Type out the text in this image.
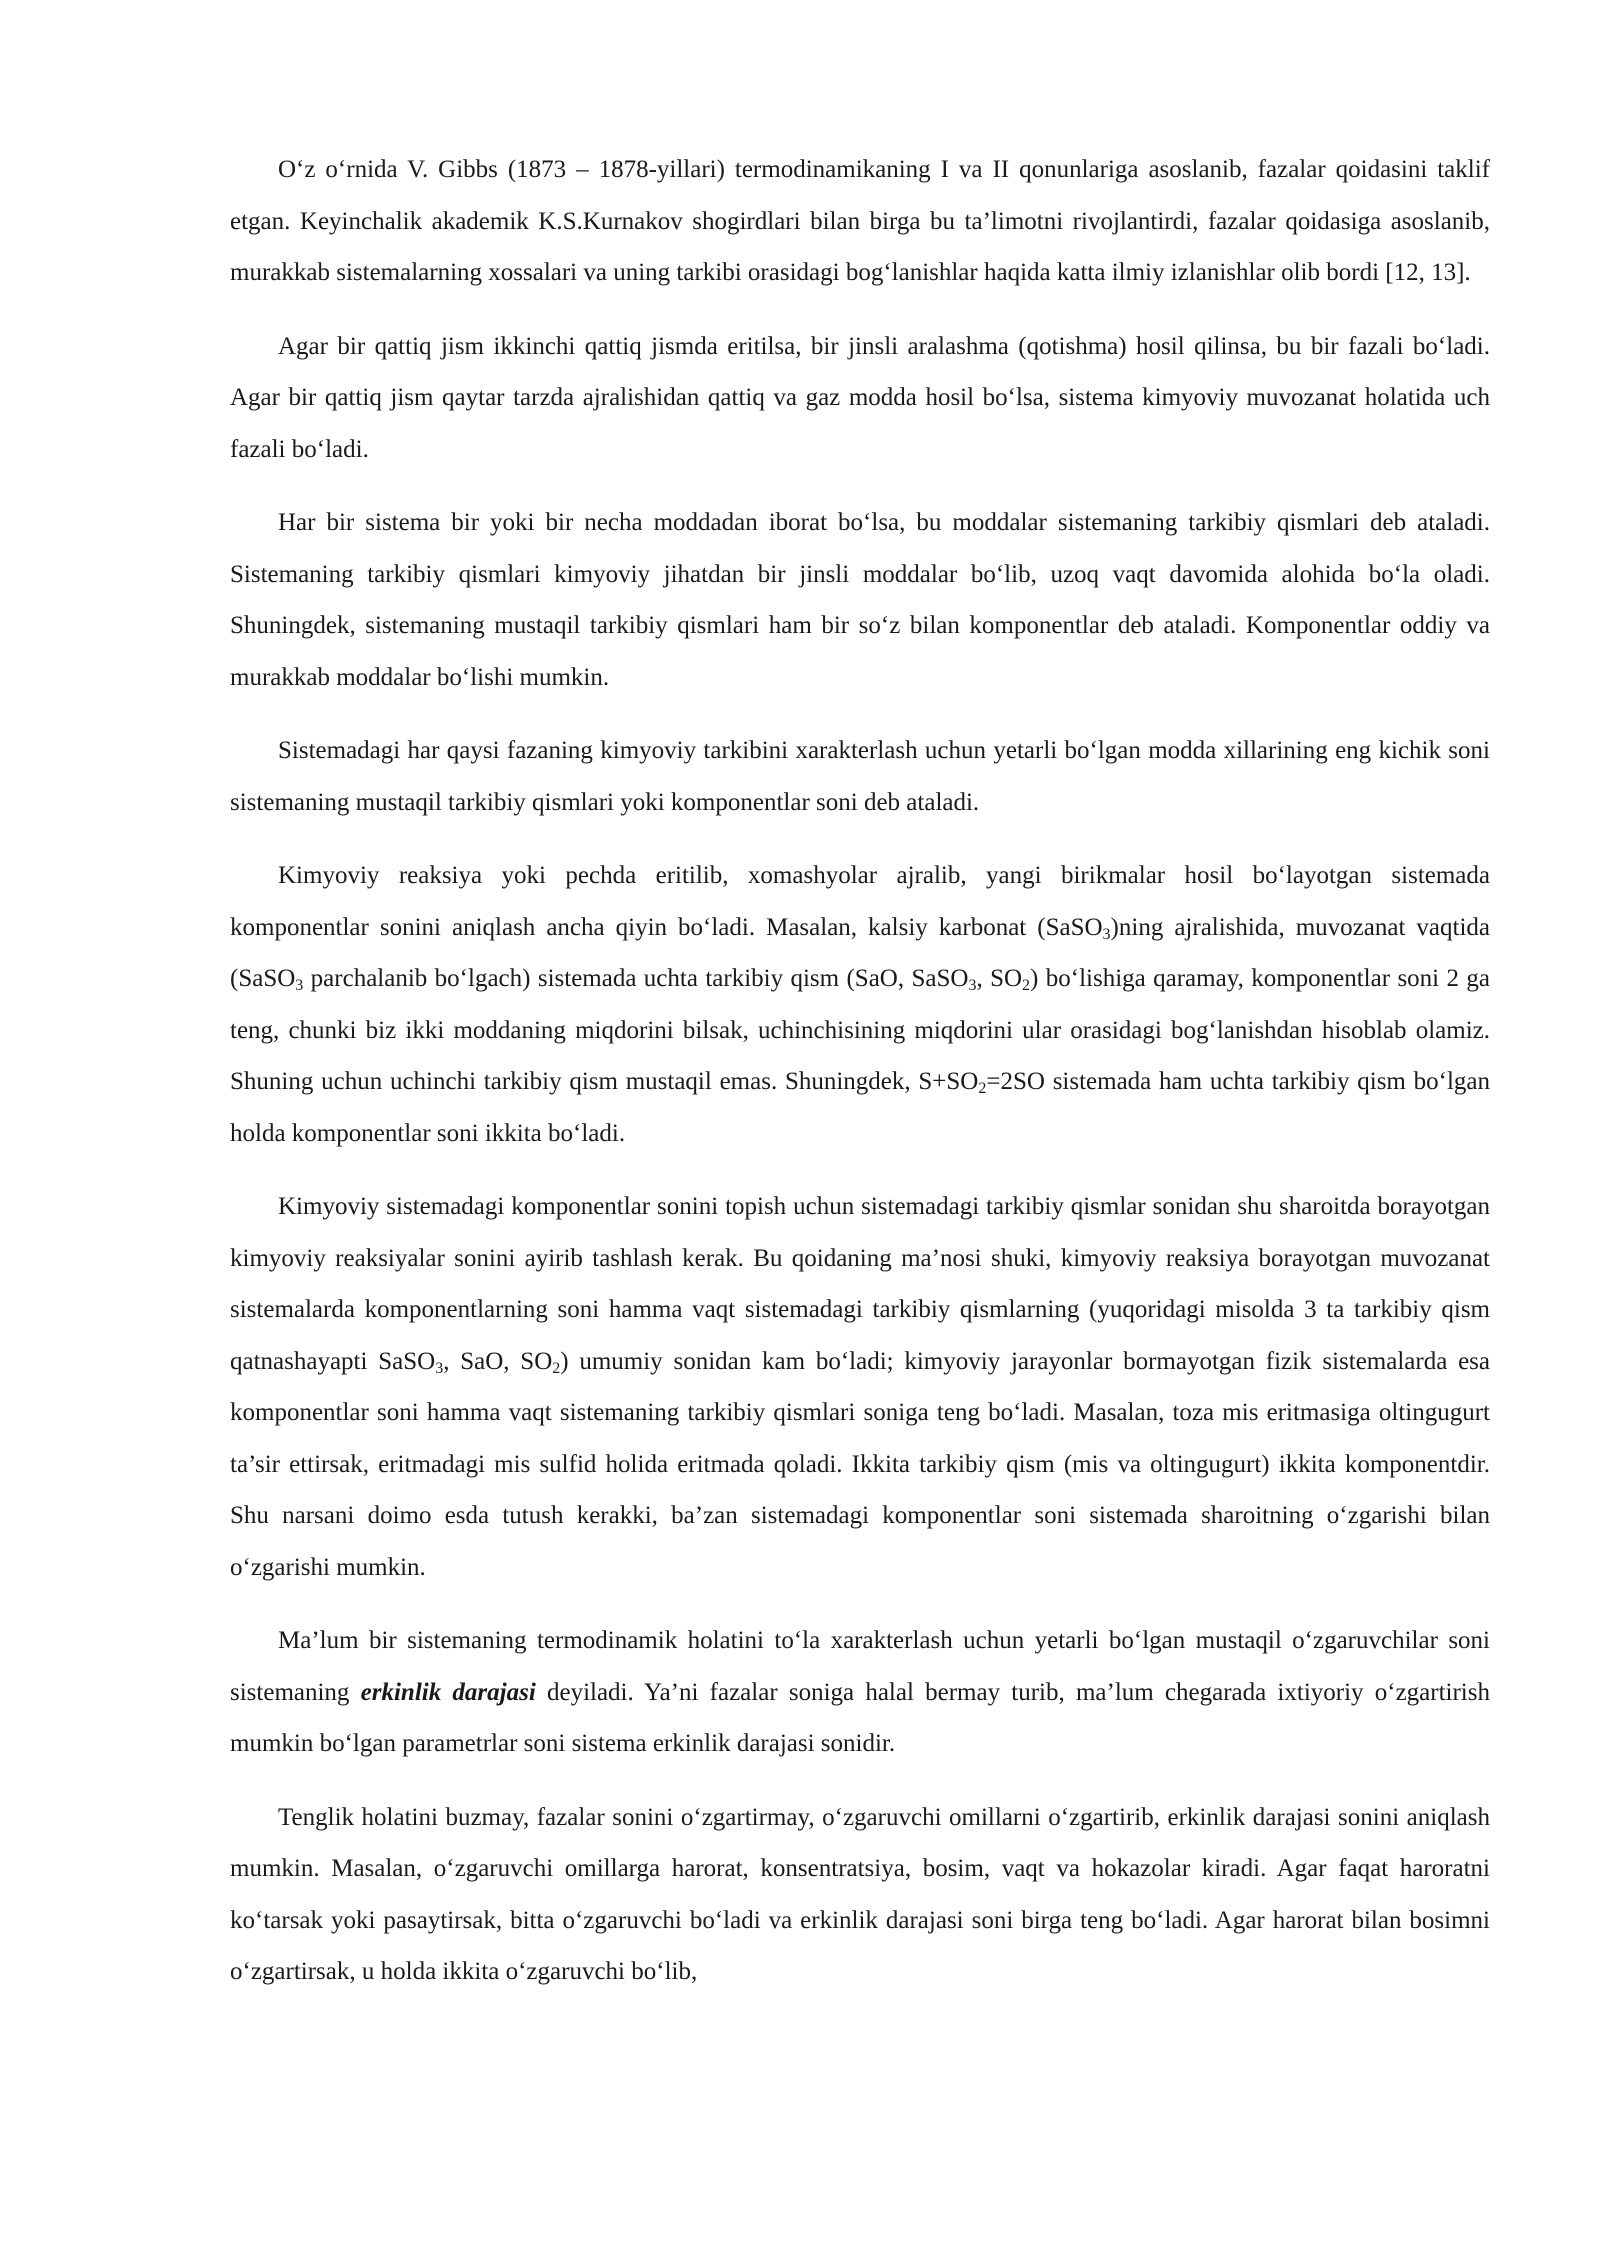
O‘z o‘rnida V. Gibbs (1873 – 1878-yillari) termodinamikaning I va II qonunlariga asoslanib, fazalar qoidasini taklif etgan. Keyinchalik akademik K.S.Kurnakov shogirdlari bilan birga bu ta’limotni rivojlantirdi, fazalar qoidasiga asoslanib, murakkab sistemalarning xossalari va uning tarkibi orasidagi bog‘lanishlar haqida katta ilmiy izlanishlar olib bordi [12, 13].

Agar bir qattiq jism ikkinchi qattiq jismda eritilsa, bir jinsli aralashma (qotishma) hosil qilinsa, bu bir fazali bo‘ladi. Agar bir qattiq jism qaytar tarzda ajralishidan qattiq va gaz modda hosil bo‘lsa, sistema kimyoviy muvozanat holatida uch fazali bo‘ladi.

Har bir sistema bir yoki bir necha moddadan iborat bo‘lsa, bu moddalar sistemaning tarkibiy qismlari deb ataladi. Sistemaning tarkibiy qismlari kimyoviy jihatdan bir jinsli moddalar bo‘lib, uzoq vaqt davomida alohida bo‘la oladi. Shuningdek, sistemaning mustaqil tarkibiy qismlari ham bir so‘z bilan komponentlar deb ataladi. Komponentlar oddiy va murakkab moddalar bo‘lishi mumkin.

Sistemadagi har qaysi fazaning kimyoviy tarkibini xarakterlash uchun yetarli bo‘lgan modda xillarining eng kichik soni sistemaning mustaqil tarkibiy qismlari yoki komponentlar soni deb ataladi.

Kimyoviy reaksiya yoki pechda eritilib, xomashyolar ajralib, yangi birikmalar hosil bo‘layotgan sistemada komponentlar sonini aniqlash ancha qiyin bo‘ladi. Masalan, kalsiy karbonat (SaSO$_3$)ning ajralishida, muvozanat vaqtida (SaSO$_3$ parchalanib bo‘lgach) sistemada uchta tarkibiy qism (SaO, SaSO$_3$, $SO_2$) bo‘lishiga qaramay, komponentlar soni 2 ga teng, chunki biz ikki moddaning miqdorini bilsak, uchinchisining miqdorini ular orasidagi bog‘lanishdan hisoblab olamiz. Shuning uchun uchinchi tarkibiy qism mustaqil emas. Shuningdek, $S+SO_2=2SO$ sistemada ham uchta tarkibiy qism bo‘lgan holda komponentlar soni ikkita bo‘ladi.

Kimyoviy sistemadagi komponentlar sonini topish uchun sistemadagi tarkibiy qismlar sonidan shu sharoitda borayotgan kimyoviy reaksiyalar sonini ayirib tashlash kerak. Bu qoidaning ma’nosi shuki, kimyoviy reaksiya borayotgan muvozanat sistemalarda komponentlarning soni hamma vaqt sistemadagi tarkibiy qismlarning (yuqoridagi misolda 3 ta tarkibiy qism qatnashayapti SaSO$_3$, SaO, $SO_2$) umumiy sonidan kam bo‘ladi; kimyoviy jarayonlar bormayotgan fizik sistemalarda esa komponentlar soni hamma vaqt sistemaning tarkibiy qismlari soniga teng bo‘ladi. Masalan, toza mis eritmasiga oltingugurt ta’sir ettirsak, eritmadagi mis sulfid holida eritmada qoladi. Ikkita tarkibiy qism (mis va oltingugurt) ikkita komponentdir. Shu narsani doimo esda tutush kerakki, ba’zan sistemadagi komponentlar soni sistemada sharoitning o‘zgarishi bilan o‘zgarishi mumkin.

Ma’lum bir sistemaning termodinamik holatini to‘la xarakterlash uchun yetarli bo‘lgan mustaqil o‘zgaruvchilar soni sistemaning erkinlik darajasi deyiladi. Ya’ni fazalar soniga halal bermay turib, ma’lum chegarada ixtiyoriy o‘zgartirish mumkin bo‘lgan parametrlar soni sistema erkinlik darajasi sonidir.

Tenglik holatini buzmay, fazalar sonini o‘zgartirmay, o‘zgaruvchi omillarni o‘zgartirib, erkinlik darajasi sonini aniqlash mumkin. Masalan, o‘zgaruvchi omillarga harorat, konsentratsiya, bosim, vaqt va hokazolar kiradi. Agar faqat haroratni ko‘tarsak yoki pasaytirsak, bitta o‘zgaruvchi bo‘ladi va erkinlik darajasi soni birga teng bo‘ladi. Agar harorat bilan bosimni o‘zgartirsak, u holda ikkita o‘zgaruvchi bo‘lib,
